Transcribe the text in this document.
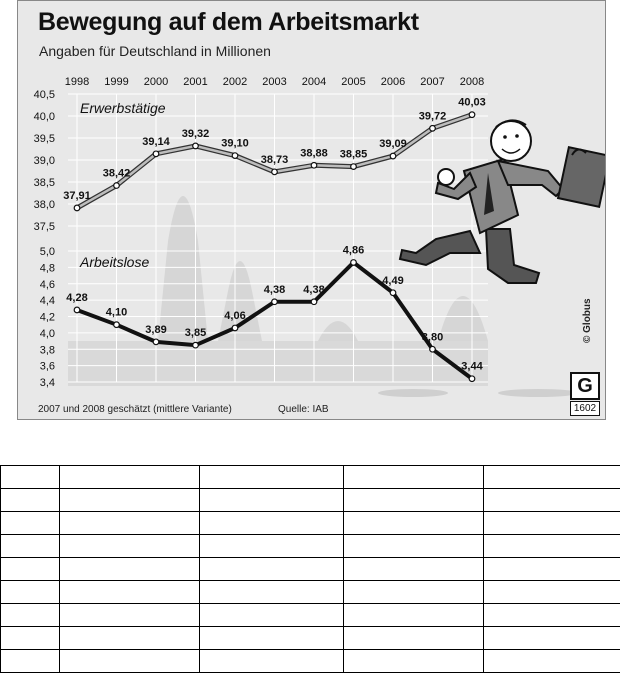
1998 1999 2000 2001 2002 2003 2004 2005 2006 2007 2008
37,5
38,0
38,5
39,0
39,5
40,0
40,5
3,4
3,6
3,8
4,0
4,2
4,4
4,6
4,8
5,0
Erwerbstätige
37,91
38,42
39,14
39,32
39,10
38,73
38,88 38,85
39,09
39,72
40,03
Arbeitslose
4,28
4,10
3,89 3,85
4,06
4,38 4,38
4,86
4,49
3,80
3,44
Bewegung auf dem Arbeitsmarkt
Angaben für Deutschland in Millionen
2007 und 2008 geschätzt (mittlere Variante)	Quelle: IAB
© Globus
G
1602
